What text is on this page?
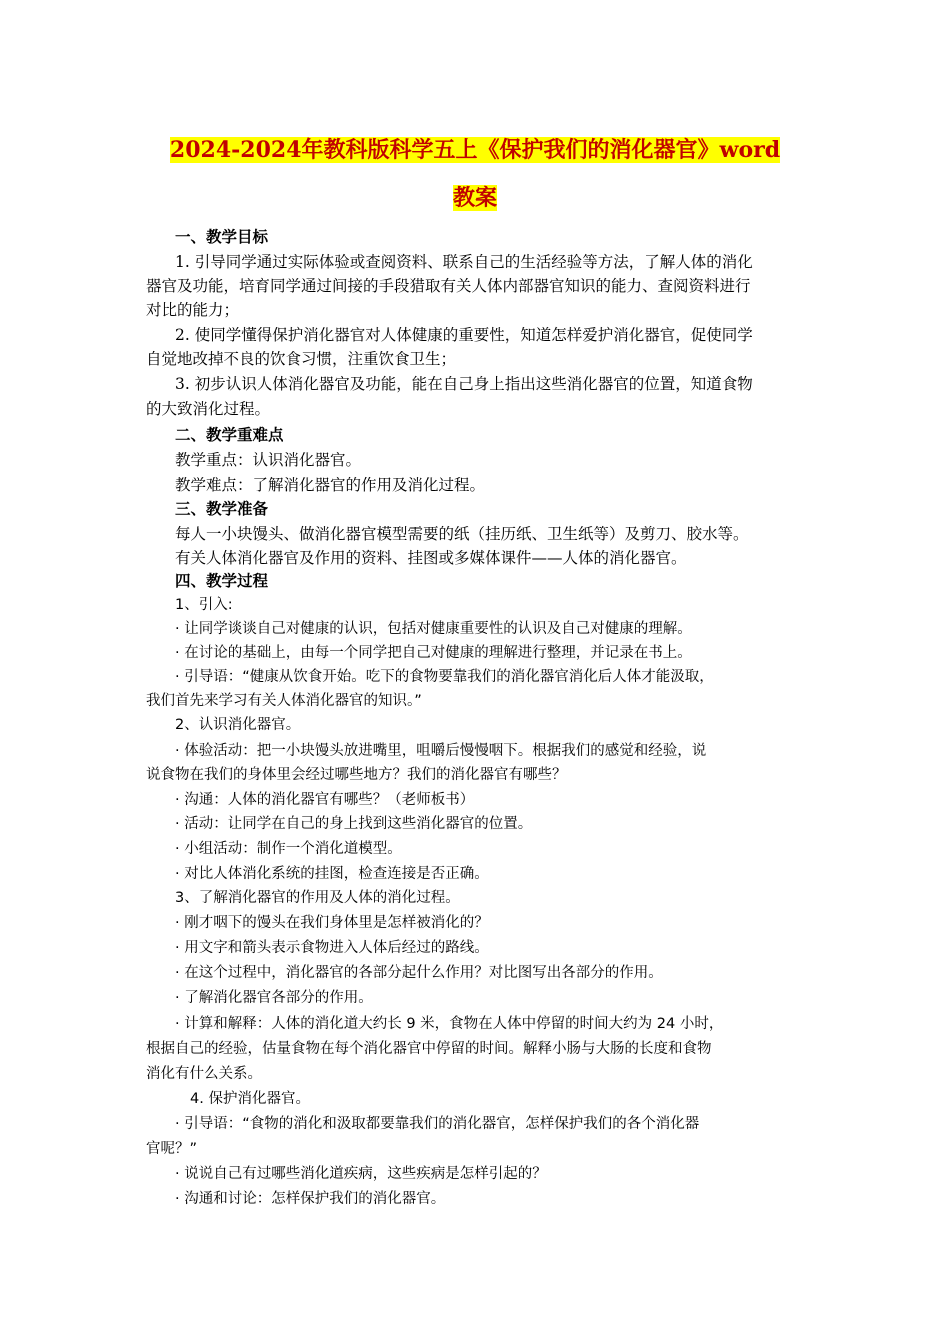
2024-2024年教科版科学五上《保护我们的消化器官》word
教案
一、教学目标
1. 引导同学通过实际体验或查阅资料、联系自己的生活经验等方法，了解人体的消化
器官及功能，培育同学通过间接的手段猎取有关人体内部器官知识的能力、查阅资料进行
对比的能力；
2. 使同学懂得保护消化器官对人体健康的重要性，知道怎样爱护消化器官，促使同学
自觉地改掉不良的饮食习惯，注重饮食卫生；
3. 初步认识人体消化器官及功能，能在自己身上指出这些消化器官的位置，知道食物
的大致消化过程。
二、教学重难点
教学重点：认识消化器官。
教学难点：了解消化器官的作用及消化过程。
三、教学准备
每人一小块馒头、做消化器官模型需要的纸（挂历纸、卫生纸等）及剪刀、胶水等。
有关人体消化器官及作用的资料、挂图或多媒体课件——人体的消化器官。
四、教学过程
1、引入:
· 让同学谈谈自己对健康的认识，包括对健康重要性的认识及自己对健康的理解。
· 在讨论的基础上，由每一个同学把自己对健康的理解进行整理，并记录在书上。
· 引导语：“健康从饮食开始。吃下的食物要靠我们的消化器官消化后人体才能汲取，
我们首先来学习有关人体消化器官的知识。”
2、认识消化器官。
· 体验活动：把一小块馒头放进嘴里，咀嚼后慢慢咽下。根据我们的感觉和经验，说
说食物在我们的身体里会经过哪些地方？我们的消化器官有哪些？
· 沟通：人体的消化器官有哪些？（老师板书）
· 活动：让同学在自己的身上找到这些消化器官的位置。
· 小组活动：制作一个消化道模型。
· 对比人体消化系统的挂图，检查连接是否正确。
3、了解消化器官的作用及人体的消化过程。
· 刚才咽下的馒头在我们身体里是怎样被消化的？
· 用文字和箭头表示食物进入人体后经过的路线。
· 在这个过程中，消化器官的各部分起什么作用？对比图写出各部分的作用。
· 了解消化器官各部分的作用。
· 计算和解释：人体的消化道大约长 9 米，食物在人体中停留的时间大约为 24 小时，
根据自己的经验，估量食物在每个消化器官中停留的时间。解释小肠与大肠的长度和食物
消化有什么关系。
4. 保护消化器官。
· 引导语：“食物的消化和汲取都要靠我们的消化器官，怎样保护我们的各个消化器
官呢？”
· 说说自己有过哪些消化道疾病，这些疾病是怎样引起的？
· 沟通和讨论：怎样保护我们的消化器官。
